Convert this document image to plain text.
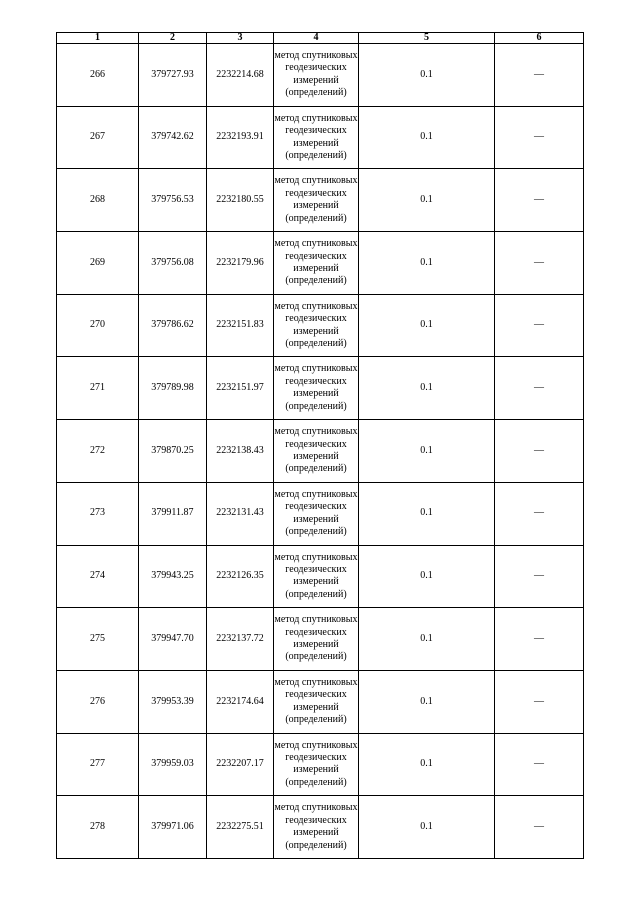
1	2	3	4	5	6
266	379727.93	2232214.68	метод спутниковых геодезических измерений (определений)	0.1	—
267	379742.62	2232193.91	метод спутниковых геодезических измерений (определений)	0.1	—
268	379756.53	2232180.55	метод спутниковых геодезических измерений (определений)	0.1	—
269	379756.08	2232179.96	метод спутниковых геодезических измерений (определений)	0.1	—
270	379786.62	2232151.83	метод спутниковых геодезических измерений (определений)	0.1	—
271	379789.98	2232151.97	метод спутниковых геодезических измерений (определений)	0.1	—
272	379870.25	2232138.43	метод спутниковых геодезических измерений (определений)	0.1	—
273	379911.87	2232131.43	метод спутниковых геодезических измерений (определений)	0.1	—
274	379943.25	2232126.35	метод спутниковых геодезических измерений (определений)	0.1	—
275	379947.70	2232137.72	метод спутниковых геодезических измерений (определений)	0.1	—
276	379953.39	2232174.64	метод спутниковых геодезических измерений (определений)	0.1	—
277	379959.03	2232207.17	метод спутниковых геодезических измерений (определений)	0.1	—
278	379971.06	2232275.51	метод спутниковых геодезических измерений (определений)	0.1	—
